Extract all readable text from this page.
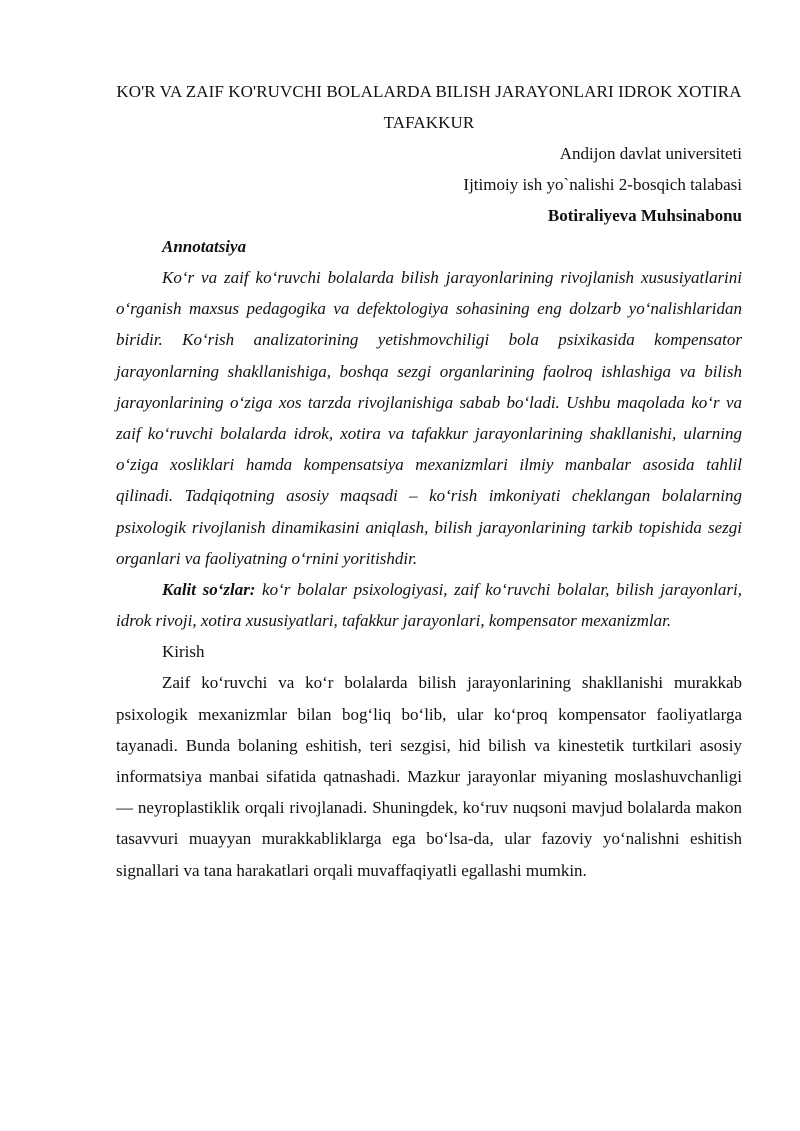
KO'R VA ZAIF KO'RUVCHI BOLALARDA BILISH JARAYONLARI IDROK XOTIRA TAFAKKUR

Andijon davlat universiteti

Ijtimoiy ish yo`nalishi 2-bosqich talabasi

Botiraliyeva Muhsinabonu

Annotatsiya

Ko‘r va zaif ko‘ruvchi bolalarda bilish jarayonlarining rivojlanish xususiyatlarini o‘rganish maxsus pedagogika va defektologiya sohasining eng dolzarb yo‘nalishlaridan biridir. Ko‘rish analizatorining yetishmovchiligi bola psixikasida kompensator jarayonlarning shakllanishiga, boshqa sezgi organlarining faolroq ishlashiga va bilish jarayonlarining o‘ziga xos tarzda rivojlanishiga sabab bo‘ladi. Ushbu maqolada ko‘r va zaif ko‘ruvchi bolalarda idrok, xotira va tafakkur jarayonlarining shakllanishi, ularning o‘ziga xosliklari hamda kompensatsiya mexanizmlari ilmiy manbalar asosida tahlil qilinadi. Tadqiqotning asosiy maqsadi – ko‘rish imkoniyati cheklangan bolalarning psixologik rivojlanish dinamikasini aniqlash, bilish jarayonlarining tarkib topishida sezgi organlari va faoliyatning o‘rnini yoritishdir.

Kalit so‘zlar: ko‘r bolalar psixologiyasi, zaif ko‘ruvchi bolalar, bilish jarayonlari, idrok rivoji, xotira xususiyatlari, tafakkur jarayonlari, kompensator mexanizmlar.

Kirish

Zaif ko‘ruvchi va ko‘r bolalarda bilish jarayonlarining shakllanishi murakkab psixologik mexanizmlar bilan bog‘liq bo‘lib, ular ko‘proq kompensator faoliyatlarga tayanadi. Bunda bolaning eshitish, teri sezgisi, hid bilish va kinestetik turtkilari asosiy informatsiya manbai sifatida qatnashadi. Mazkur jarayonlar miyaning moslashuvchanligi — neyroplastiklik orqali rivojlanadi. Shuningdek, ko‘ruv nuqsoni mavjud bolalarda makon tasavvuri muayyan murakkabliklarga ega bo‘lsa-da, ular fazoviy yo‘nalishni eshitish signallari va tana harakatlari orqali muvaffaqiyatli egallashi mumkin.
